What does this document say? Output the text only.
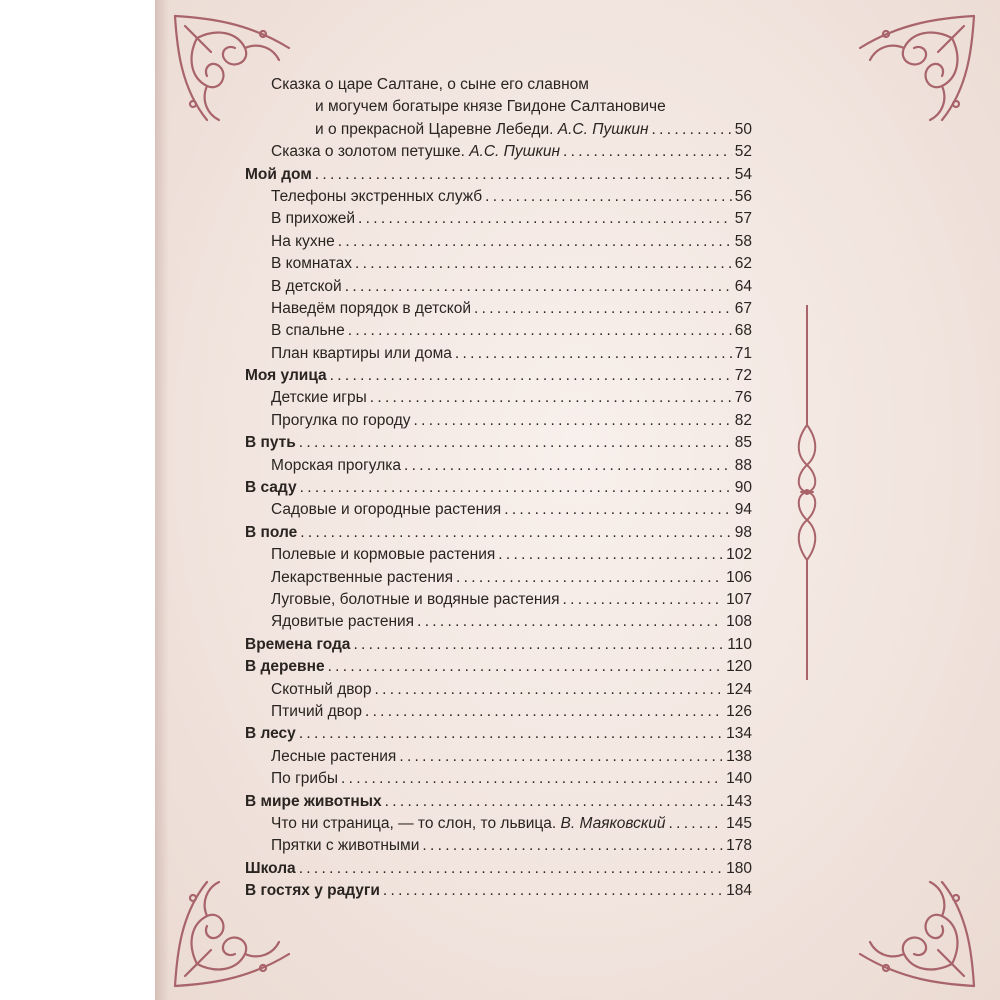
Сказка о царе Салтане, о сыне его славном
и могучем богатыре князе Гвидоне Салтановиче
и о прекрасной Царевне Лебеди. А.С. Пушкин . . .	50
Сказка о золотом петушке. А.С. Пушкин . . .	52
Мой дом . . .	54
Телефоны экстренных служб . . .	56
В прихожей . . .	57
На кухне . . .	58
В комнатах . . .	62
В детской . . .	64
Наведём порядок в детской . . .	67
В спальне . . .	68
План квартиры или дома . . .	71
Моя улица . . .	72
Детские игры . . .	76
Прогулка по городу . . .	82
В путь . . .	85
Морская прогулка . . .	88
В саду . . .	90
Садовые и огородные растения . . .	94
В поле . . .	98
Полевые и кормовые растения . . .	102
Лекарственные растения . . .	106
Луговые, болотные и водяные растения . . .	107
Ядовитые растения . . .	108
Времена года . . .	110
В деревне . . .	120
Скотный двор . . .	124
Птичий двор . . .	126
В лесу . . .	134
Лесные растения . . .	138
По грибы . . .	140
В мире животных . . .	143
Что ни страница, — то слон, то львица. В. Маяковский . . .	145
Прятки с животными . . .	178
Школа . . .	180
В гостях у радуги . . .	184
